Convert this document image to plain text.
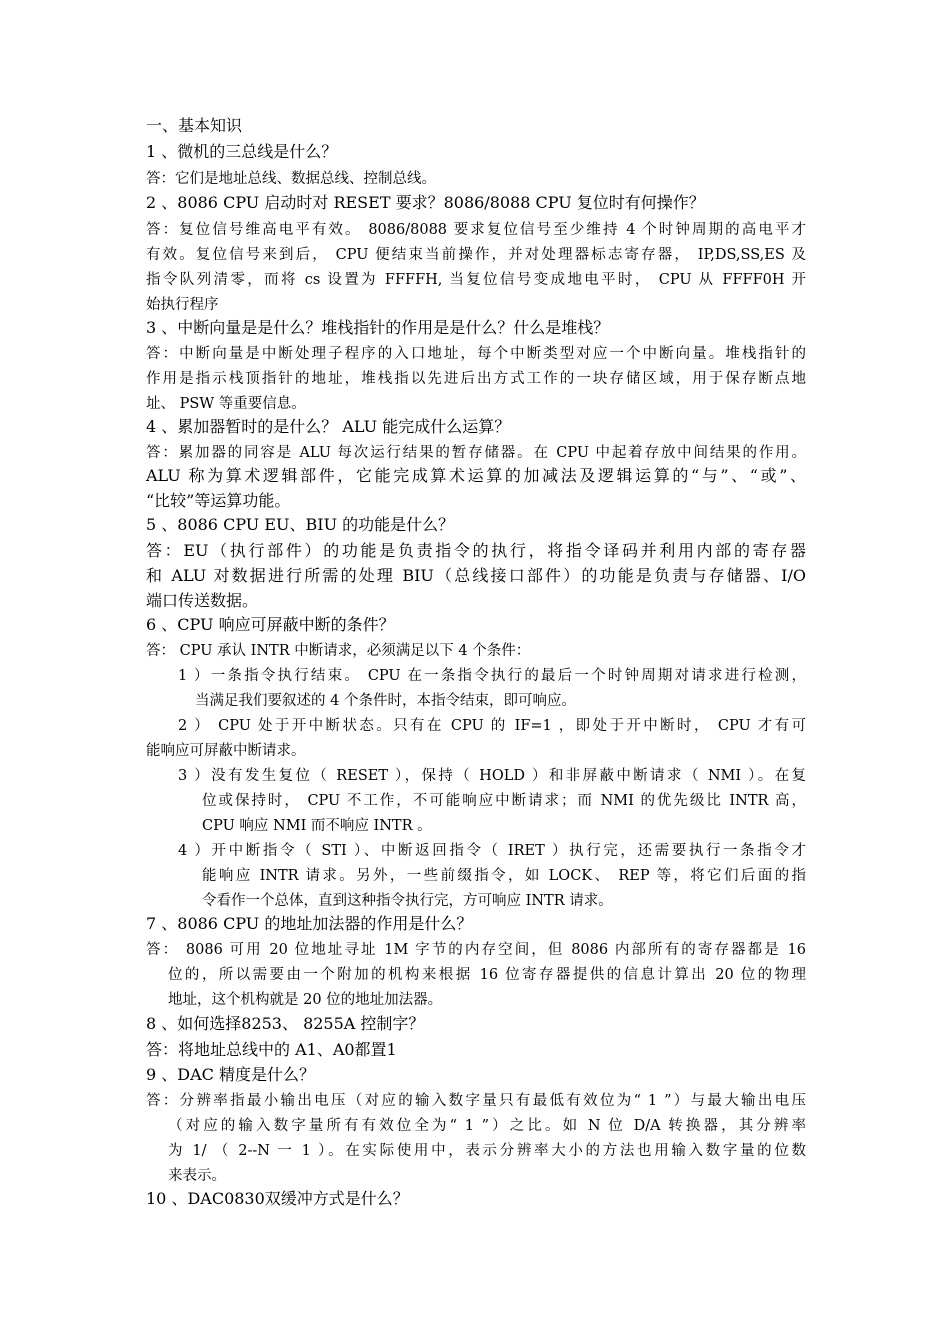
一、基本知识
1 、微机的三总线是什么？
答：它们是地址总线、数据总线、控制总线。
2 、8086 CPU 启动时对 RESET 要求？8086/8088 CPU 复位时有何操作？
答：复位信号维高电平有效。 8086/8088 要求复位信号至少维持 4 个时钟周期的高电平才
有效。复位信号来到后， CPU 便结束当前操作，并对处理器标志寄存器， IP,DS,SS,ES 及
指令队列清零，而将 cs 设置为 FFFFH, 当复位信号变成地电平时， CPU 从 FFFF0H 开
始执行程序
3 、中断向量是是什么？堆栈指针的作用是是什么？什么是堆栈？
答：中断向量是中断处理子程序的入口地址，每个中断类型对应一个中断向量。堆栈指针的
作用是指示栈顶指针的地址，堆栈指以先进后出方式工作的一块存储区域，用于保存断点地
址、 PSW 等重要信息。
4 、累加器暂时的是什么？ ALU 能完成什么运算？
答：累加器的同容是 ALU 每次运行结果的暂存储器。在 CPU 中起着存放中间结果的作用。
ALU 称为算术逻辑部件，它能完成算术运算的加减法及逻辑运算的“与”、“或”、
“比较”等运算功能。
5 、8086 CPU EU、BIU 的功能是什么？
答：EU（执行部件）的功能是负责指令的执行，将指令译码并利用内部的寄存器
和 ALU 对数据进行所需的处理 BIU（总线接口部件）的功能是负责与存储器、I/O
端口传送数据。
6 、CPU 响应可屏蔽中断的条件？
答： CPU 承认 INTR 中断请求，必须满足以下 4 个条件：
1 ）一条指令执行结束。 CPU 在一条指令执行的最后一个时钟周期对请求进行检测，
当满足我们要叙述的 4 个条件时，本指令结束，即可响应。
2 ） CPU 处于开中断状态。只有在 CPU 的 IF=1 ，即处于开中断时， CPU 才有可
能响应可屏蔽中断请求。
3 ）没有发生复位（ RESET ），保持（ HOLD ）和非屏蔽中断请求（ NMI ）。在复
位或保持时， CPU 不工作，不可能响应中断请求；而 NMI 的优先级比 INTR 高，
CPU 响应 NMI 而不响应 INTR 。
4 ）开中断指令（ STI ）、中断返回指令（ IRET ）执行完，还需要执行一条指令才
能响应 INTR 请求。另外，一些前缀指令，如 LOCK、 REP 等，将它们后面的指
令看作一个总体，直到这种指令执行完，方可响应 INTR 请求。
7 、8086 CPU 的地址加法器的作用是什么？
答： 8086 可用 20 位地址寻址 1M 字节的内存空间，但 8086 内部所有的寄存器都是 16
位的，所以需要由一个附加的机构来根据 16 位寄存器提供的信息计算出 20 位的物理
地址，这个机构就是 20 位的地址加法器。
8 、如何选择8253、 8255A 控制字？
答：将地址总线中的 A1、A0都置1
9 、DAC 精度是什么？
答：分辨率指最小输出电压（对应的输入数字量只有最低有效位为“ 1 ”）与最大输出电压
（对应的输入数字量所有有效位全为“ 1 ”）之比。如 N 位 D/A 转换器，其分辨率
为 1/ （ 2--N 一 1 ）。在实际使用中，表示分辨率大小的方法也用输入数字量的位数
来表示。
10 、DAC0830双缓冲方式是什么？
